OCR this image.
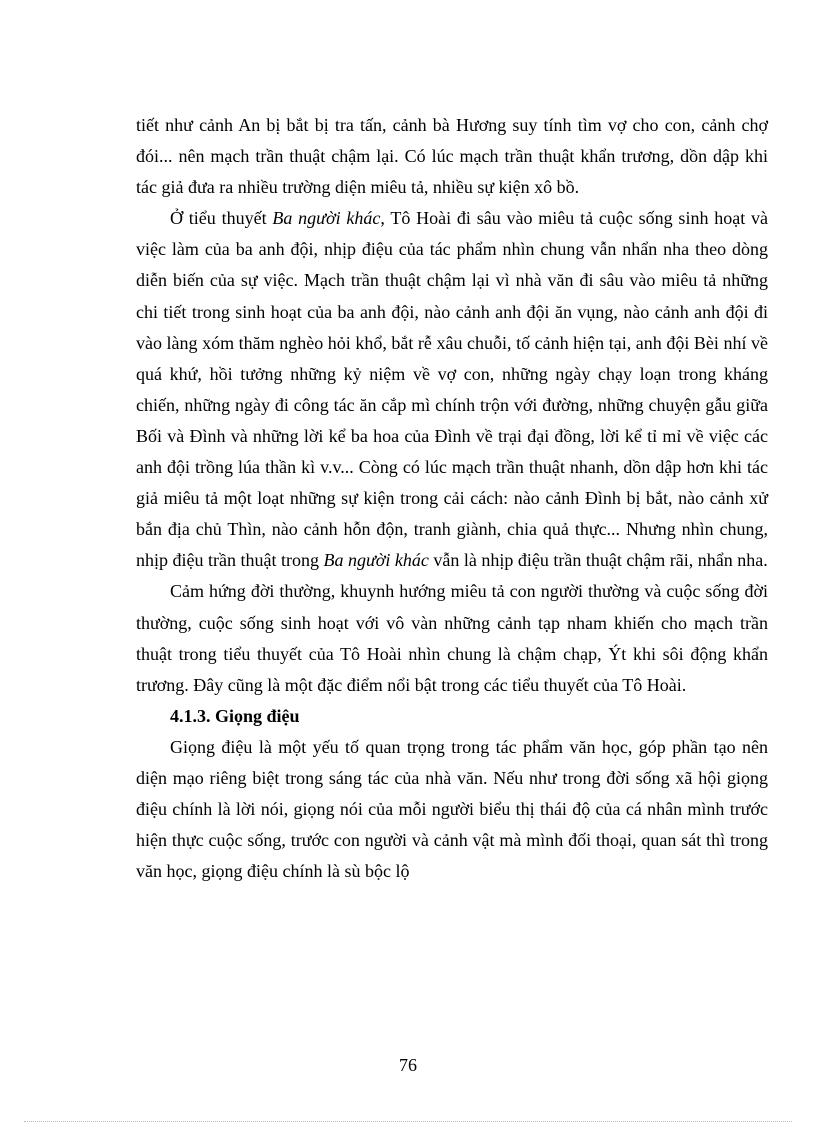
tiết như cảnh An bị bắt bị tra tấn, cảnh bà Hương suy tính tìm vợ cho con, cảnh chợ đói... nên mạch trần thuật chậm lại. Có lúc mạch trần thuật khẩn trương, dồn dập khi tác giả đưa ra nhiều trường diện miêu tả, nhiều sự kiện xô bồ.

Ở tiểu thuyết Ba người khác, Tô Hoài đi sâu vào miêu tả cuộc sống sinh hoạt và việc làm của ba anh đội, nhịp điệu của tác phẩm nhìn chung vẫn nhẩn nha theo dòng diễn biến của sự việc. Mạch trần thuật chậm lại vì nhà văn đi sâu vào miêu tả những chi tiết trong sinh hoạt của ba anh đội, nào cảnh anh đội ăn vụng, nào cảnh anh đội đi vào làng xóm thăm nghèo hỏi khổ, bắt rễ xâu chuỗi, tố cảnh hiện tại, anh đội Bèi nhí về quá khứ, hồi tưởng những kỷ niệm về vợ con, những ngày chạy loạn trong kháng chiến, những ngày đi công tác ăn cắp mì chính trộn với đường, những chuyện gẫu giữa Bối và Đình và những lời kể ba hoa của Đình về trại đại đồng, lời kể tỉ mỉ về việc các anh đội trồng lúa thần kì v.v... Còng có lúc mạch trần thuật nhanh, dồn dập hơn khi tác giả miêu tả một loạt những sự kiện trong cải cách: nào cảnh Đình bị bắt, nào cảnh xử bắn địa chủ Thìn, nào cảnh hỗn độn, tranh giành, chia quả thực... Nhưng nhìn chung, nhịp điệu trần thuật trong Ba người khác vẫn là nhịp điệu trần thuật chậm rãi, nhẩn nha.

Cảm hứng đời thường, khuynh hướng miêu tả con người thường và cuộc sống đời thường, cuộc sống sinh hoạt với vô vàn những cảnh tạp nham khiến cho mạch trần thuật trong tiểu thuyết của Tô Hoài nhìn chung là chậm chạp, Ýt khi sôi động khẩn trương. Đây cũng là một đặc điểm nổi bật trong các tiểu thuyết của Tô Hoài.

4.1.3. Giọng điệu

Giọng điệu là một yếu tố quan trọng trong tác phẩm văn học, góp phần tạo nên diện mạo riêng biệt trong sáng tác của nhà văn. Nếu như trong đời sống xã hội giọng điệu chính là lời nói, giọng nói của mỗi người biểu thị thái độ của cá nhân mình trước hiện thực cuộc sống, trước con người và cảnh vật mà mình đối thoại, quan sát thì trong văn học, giọng điệu chính là sù bộc lộ

76
